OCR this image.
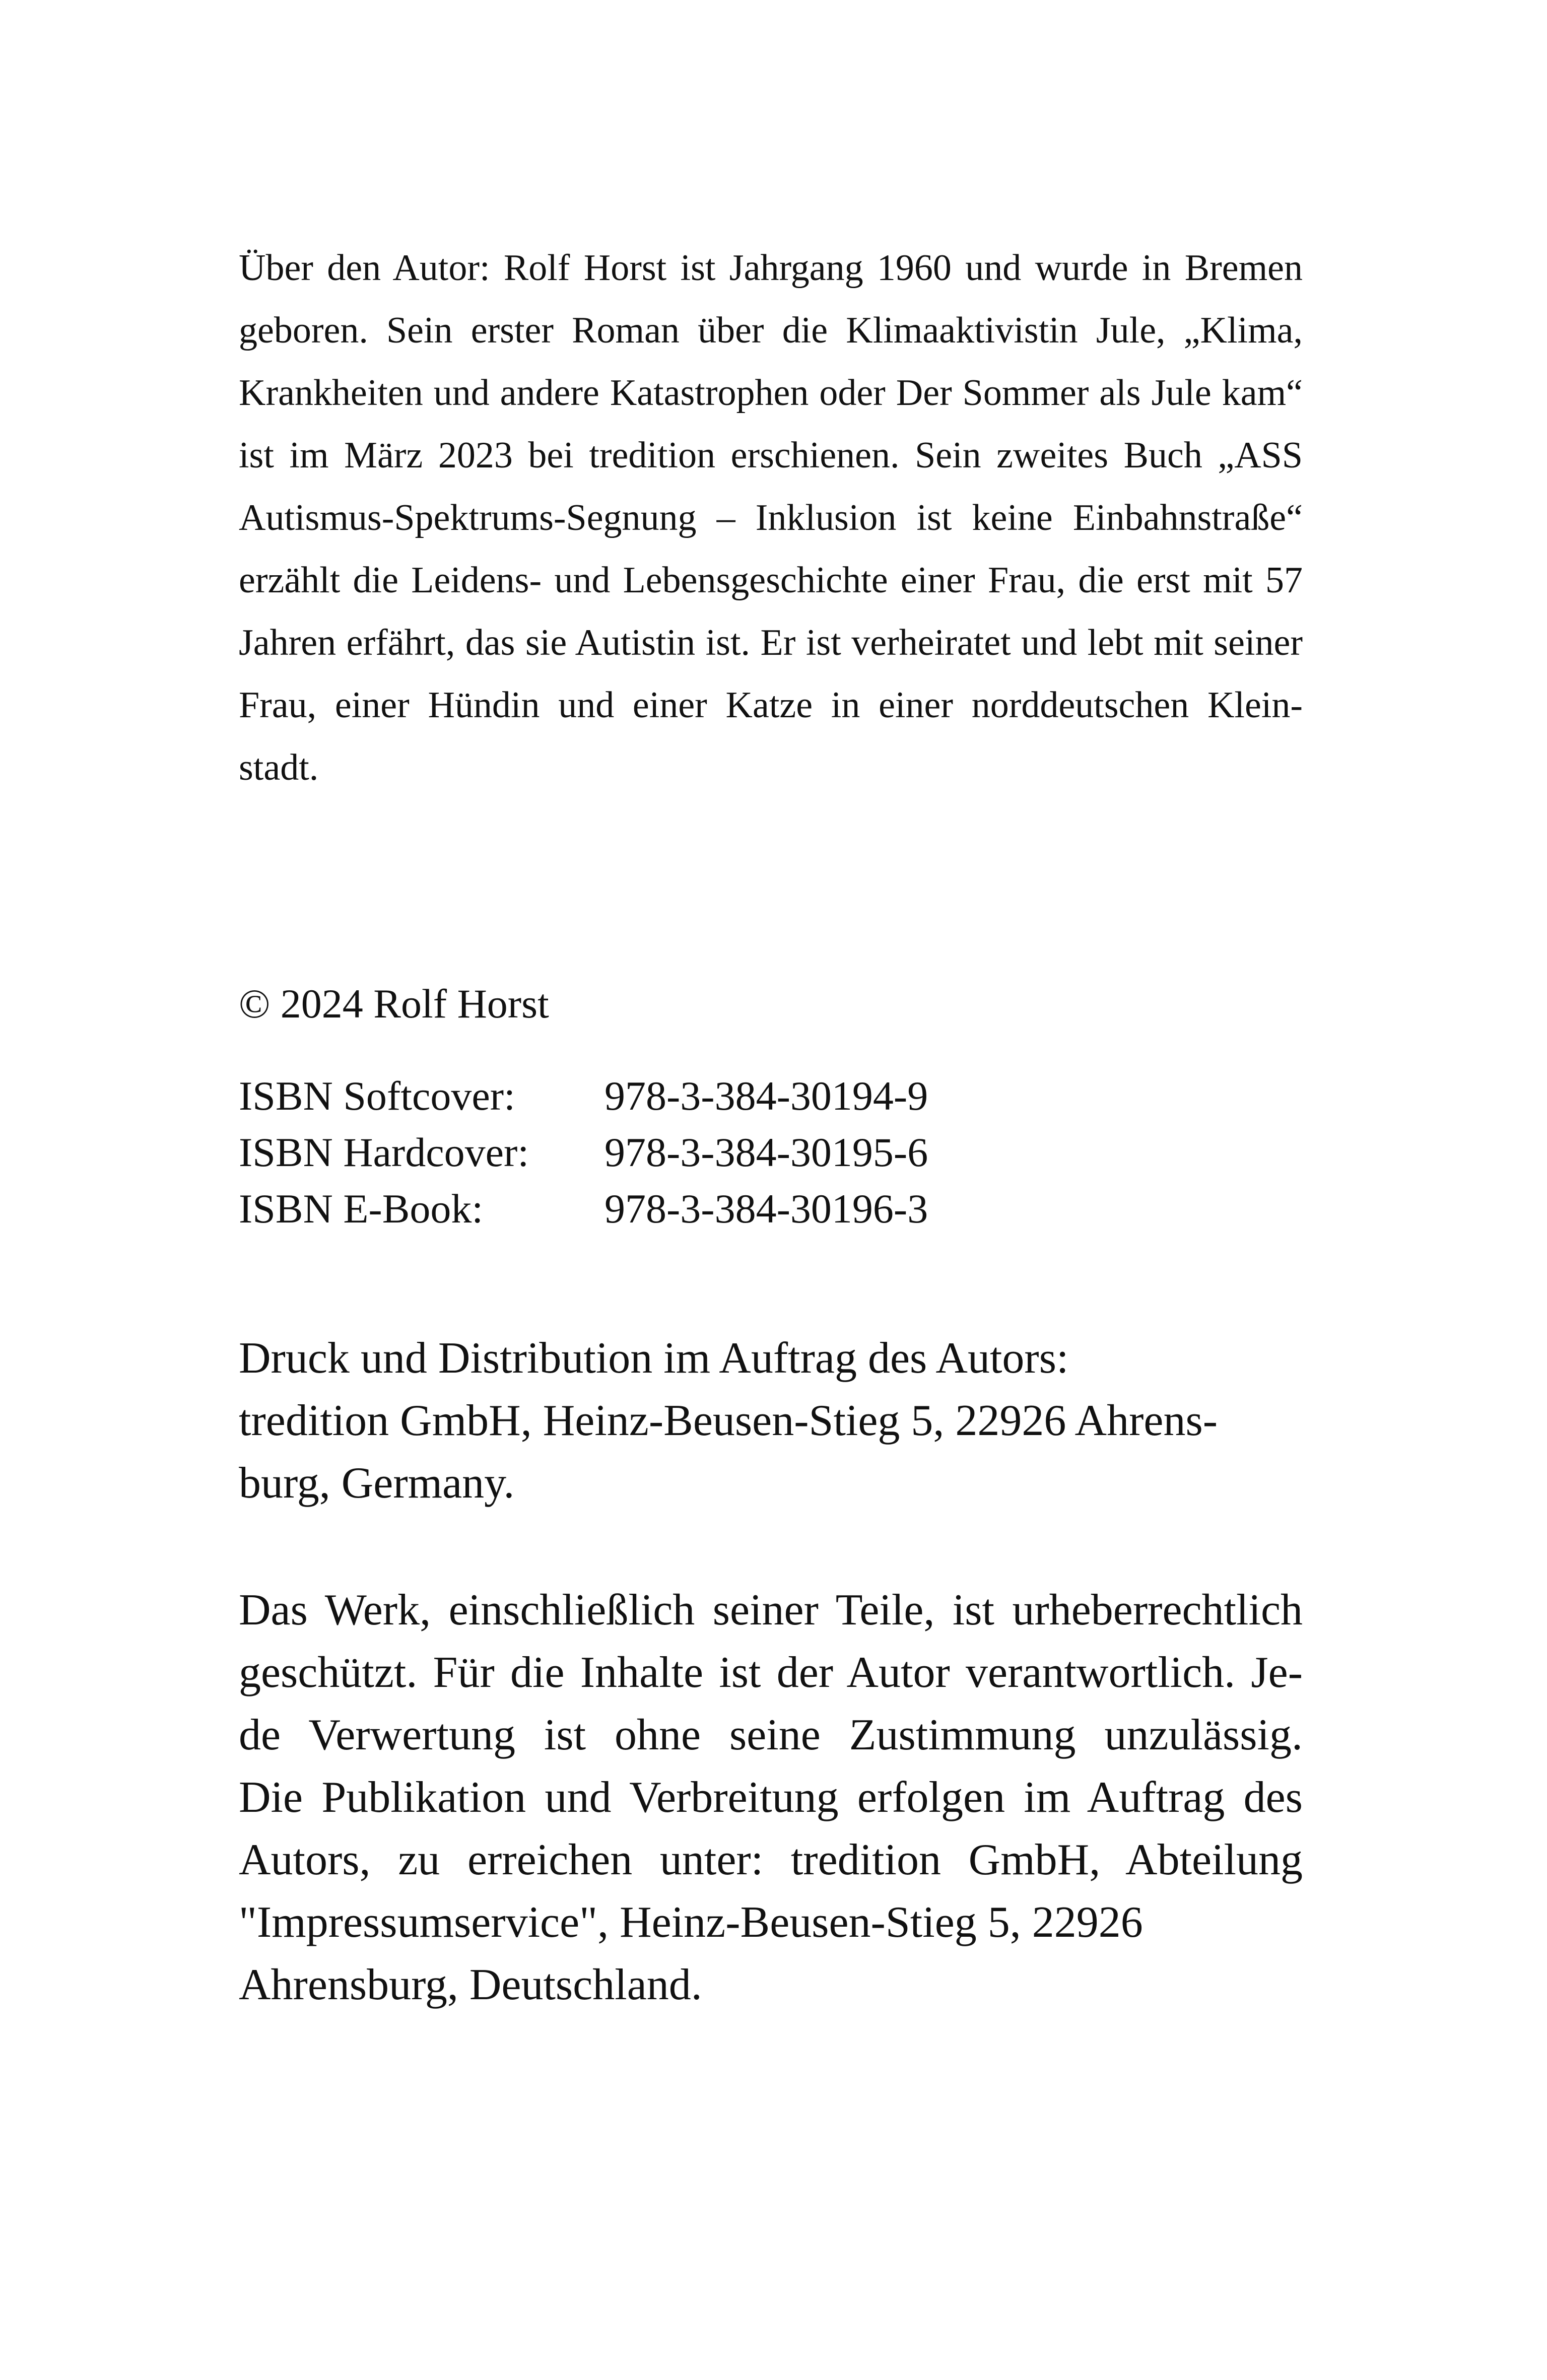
Über den Autor: Rolf Horst ist Jahrgang 1960 und wurde in Bremen
geboren. Sein erster Roman über die Klimaaktivistin Jule, „Klima,
Krankheiten und andere Katastrophen oder Der Sommer als Jule kam“
ist im März 2023 bei tredition erschienen. Sein zweites Buch „ASS
Autismus-Spektrums-Segnung – Inklusion ist keine Einbahnstraße“
erzählt die Leidens- und Lebensgeschichte einer Frau, die erst mit 57
Jahren erfährt, das sie Autistin ist. Er ist verheiratet und lebt mit seiner
Frau, einer Hündin und einer Katze in einer norddeutschen Klein-
stadt.
© 2024 Rolf Horst
ISBN Softcover:	978-3-384-30194-9
ISBN Hardcover:	978-3-384-30195-6
ISBN E-Book:	978-3-384-30196-3
Druck und Distribution im Auftrag des Autors:
tredition GmbH, Heinz-Beusen-Stieg 5, 22926 Ahrens-
burg, Germany.
Das Werk, einschließlich seiner Teile, ist urheberrechtlich
geschützt. Für die Inhalte ist der Autor verantwortlich. Je-
de Verwertung ist ohne seine Zustimmung unzulässig.
Die Publikation und Verbreitung erfolgen im Auftrag des
Autors, zu erreichen unter: tredition GmbH, Abteilung
"Impressumservice", Heinz-Beusen-Stieg 5, 22926
Ahrensburg, Deutschland.
